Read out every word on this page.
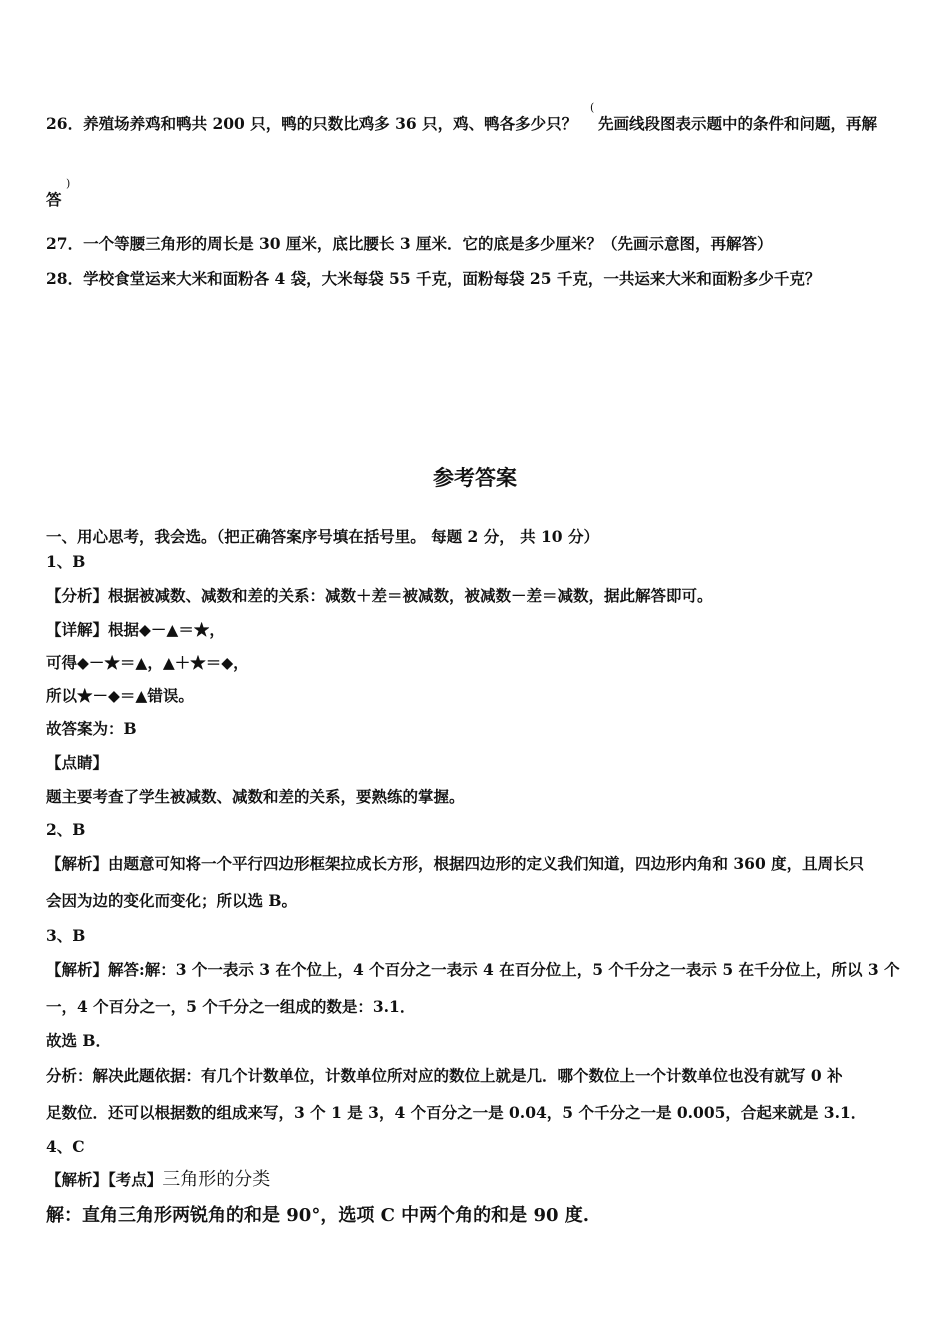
26．养殖场养鸡和鸭共 200 只，鸭的只数比鸡多 36 只，鸡、鸭各多少只？
(
先画线段图表示题中的条件和问题，再解
)
答
27．一个等腰三角形的周长是 30 厘米，底比腰长 3 厘米．它的底是多少厘米？（先画示意图，再解答）
28．学校食堂运来大米和面粉各 4 袋，大米每袋 55 千克，面粉每袋 25 千克，一共运来大米和面粉多少千克？
参考答案
一、用心思考，我会选。（把正确答案序号填在括号里。 每题 2 分， 共 10 分）
1、B
【分析】根据被减数、减数和差的关系：减数＋差＝被减数，被减数－差＝减数，据此解答即可。
【详解】根据◆－▲＝★，
可得◆－★＝▲，▲＋★＝◆，
所以★－◆＝▲错误。
故答案为：B
【点睛】
题主要考查了学生被减数、减数和差的关系，要熟练的掌握。
2、B
【解析】由题意可知将一个平行四边形框架拉成长方形，根据四边形的定义我们知道，四边形内角和 360 度，且周长只
会因为边的变化而变化；所以选 B。
3、B
【解析】解答:解：3 个一表示 3 在个位上，4 个百分之一表示 4 在百分位上，5 个千分之一表示 5 在千分位上，所以 3 个
一，4 个百分之一，5 个千分之一组成的数是：3.1．
故选 B．
分析：解决此题依据：有几个计数单位，计数单位所对应的数位上就是几．哪个数位上一个计数单位也没有就写 0 补
足数位．还可以根据数的组成来写，3 个 1 是 3，4 个百分之一是 0.04，5 个千分之一是 0.005，合起来就是 3.1．
4、C
【解析】【考点】三角形的分类
解：直角三角形两锐角的和是 90°，选项 C 中两个角的和是 90 度.
